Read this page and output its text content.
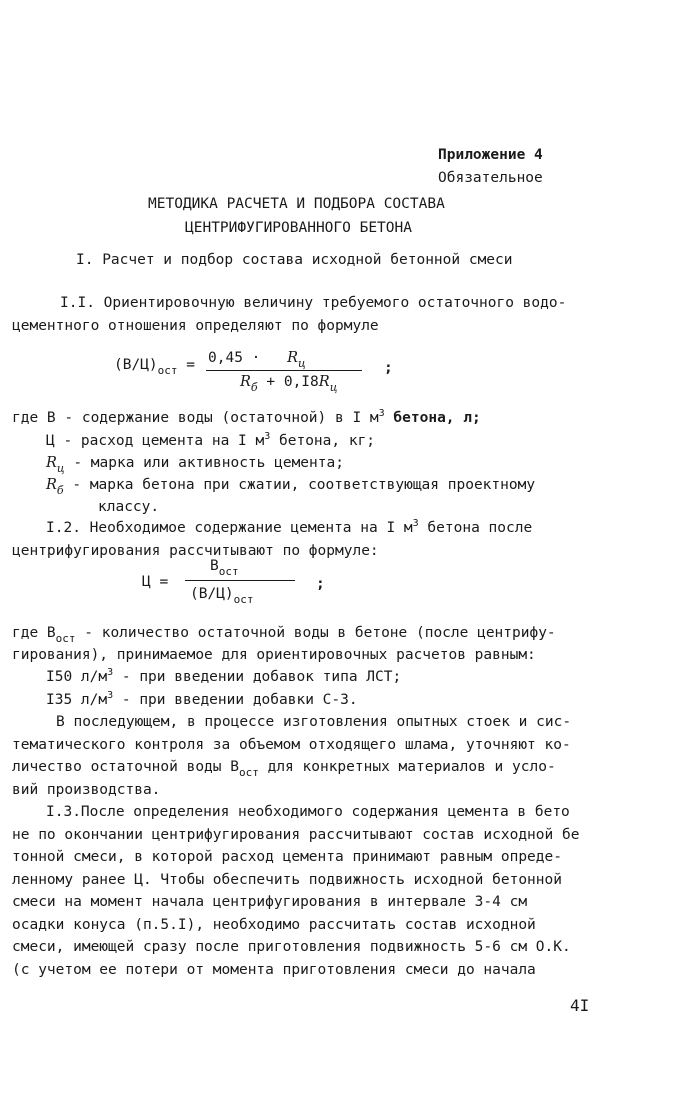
Приложение 4
Обязательное
МЕТОДИКА РАСЧЕТА И ПОДБОРА СОСТАВА
ЦЕНТРИФУГИРОВАННОГО БЕТОНА
I. Расчет и подбор состава исходной бетонной смеси
I.I. Ориентировочную величину требуемого остаточного водо-
цементного отношения определяют по формуле
$(В/Ц)_{ост} = 0,45 \cdot R_ц$
$R_б + 0,I8R_ц$
;
где В - содержание воды (остаточной) в I $м^3$ бетона, л;
Ц - расход цемента на I $м^3$ бетона, кг;
$R_ц$ - марка или активность цемента;
$R_б$ - марка бетона при сжатии, соответствующая проектному
классу.
I.2. Необходимое содержание цемента на I $м^3$ бетона после
центрифугирования рассчитывают по формуле:
Ц =
$В_{ост}$
$(В/Ц)_{ост}$
;
где $В_{ост}$ - количество остаточной воды в бетоне (после центрифу-
гирования), принимаемое для ориентировочных расчетов равным:
I50 $л/м^3$ - при введении добавок типа ЛСТ;
I35 $л/м^3$ - при введении добавки С-3.
В последующем, в процессе изготовления опытных стоек и сис-
тематического контроля за объемом отходящего шлама, уточняют ко-
личество остаточной воды $В_{ост}$ для конкретных материалов и усло-
вий производства.
I.3.После определения необходимого содержания цемента в бето
не по окончании центрифугирования рассчитывают состав исходной бе
тонной смеси, в которой расход цемента принимают равным опреде-
ленному ранее Ц. Чтобы обеспечить подвижность исходной бетонной
смеси на момент начала центрифугирования в интервале 3-4 см
осадки конуса (п.5.I), необходимо рассчитать состав исходной
смеси, имеющей сразу после приготовления подвижность 5-6 см О.К.
(с учетом ее потери от момента приготовления смеси до начала
4I
